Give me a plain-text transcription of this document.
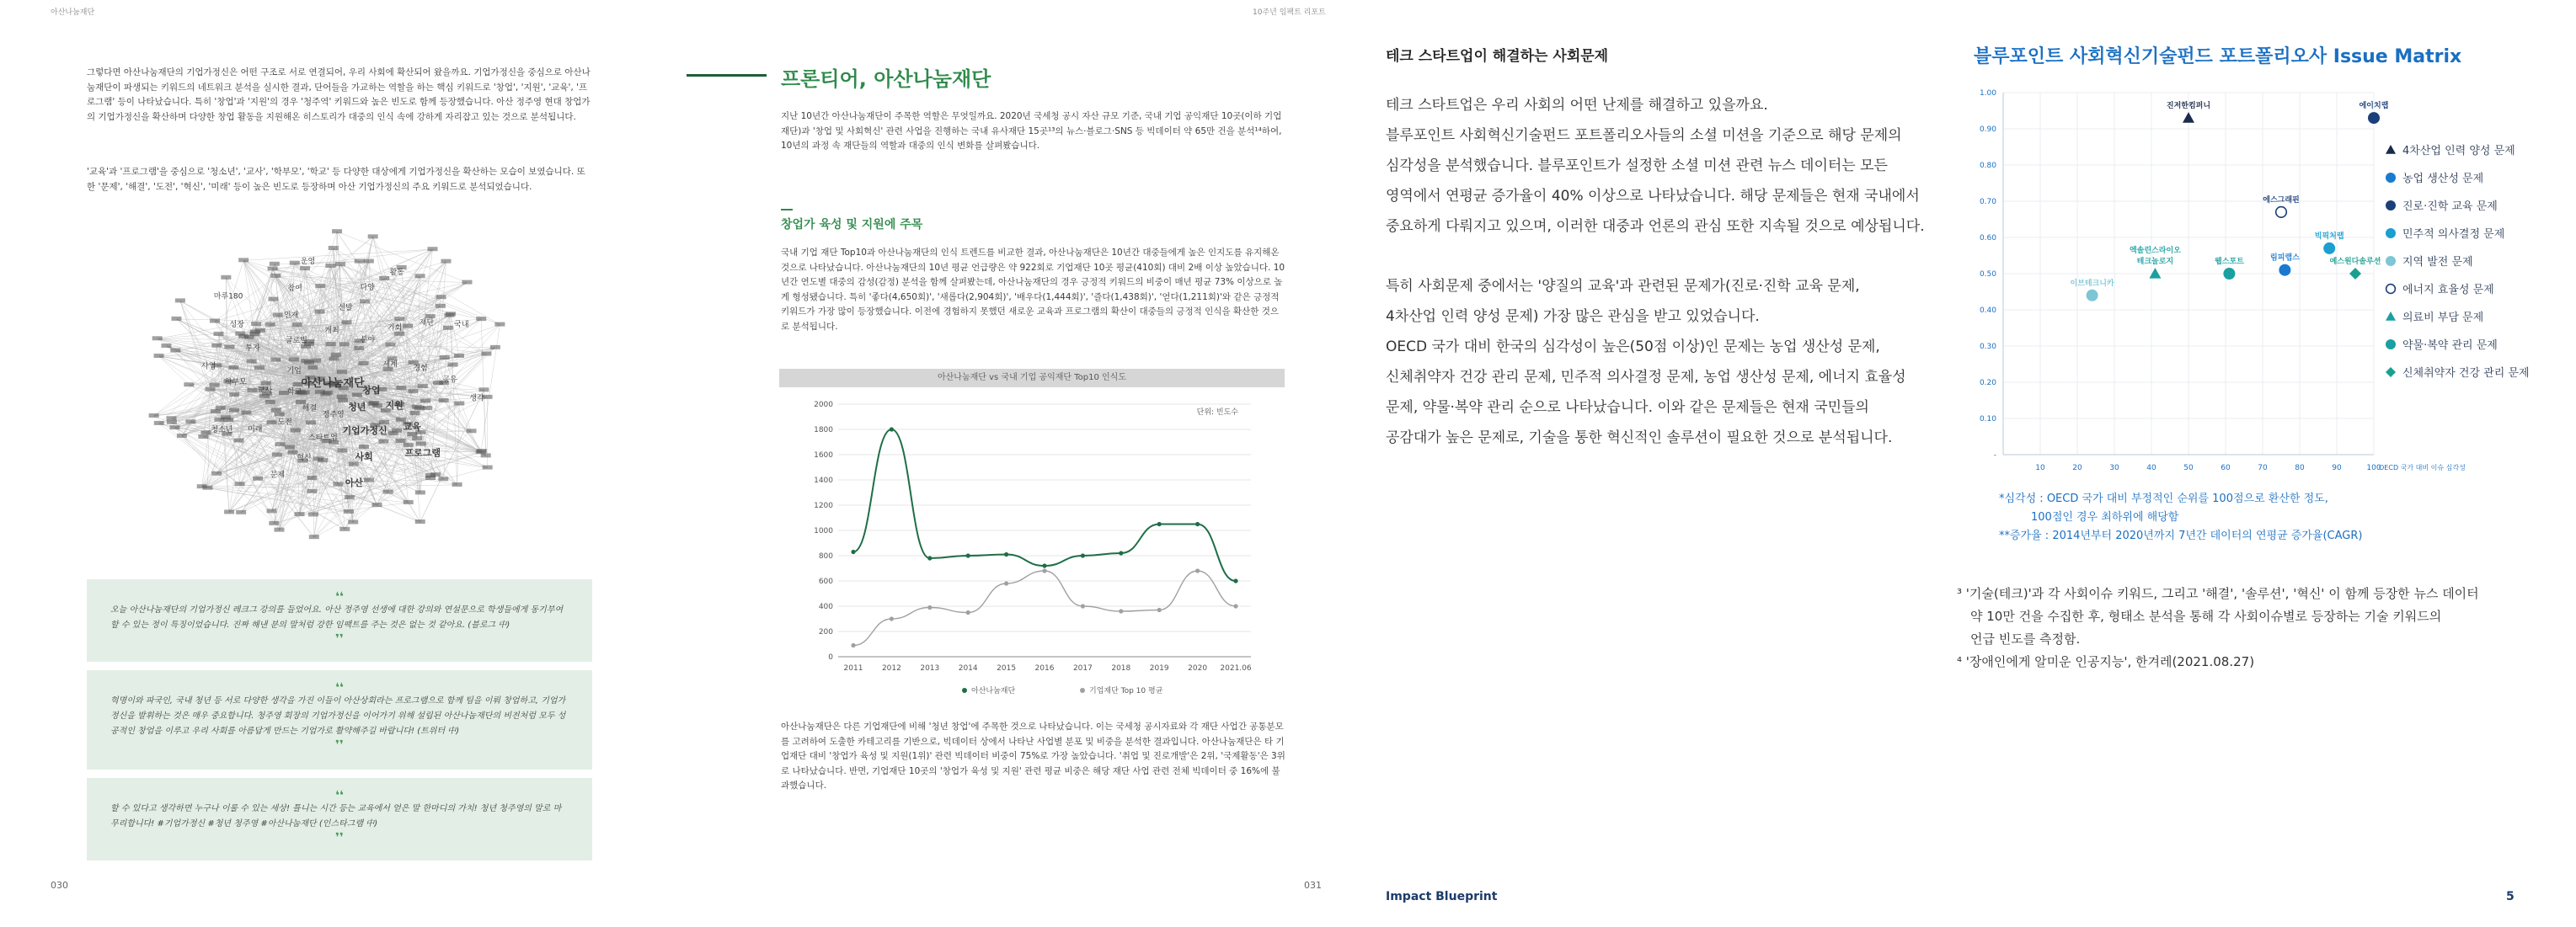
아산나눔재단

그렇다면 아산나눔재단의 기업가정신은 어떤 구조로 서로 연결되어, 우리 사회에 확산되어 왔을까요. 기업가정신을 중심으로 아산나눔재단이 파생되는 키워드의 네트워크 분석을 실시한 결과, 단어들을 가교하는 역할을 하는 핵심 키워드로 '창업', '지원', '교육', '프로그램' 등이 나타났습니다. 특히 '창업'과 '지원'의 경우 '청주역' 키워드와 높은 빈도로 함께 등장했습니다. 아산 정주영 현대 창업가의 기업가정신을 확산하며 다양한 창업 활동을 지원해온 히스토리가 대중의 인식 속에 강하게 자리잡고 있는 것으로 분석됩니다.

'교육'과 '프로그램'을 중심으로 '청소년', '교사', '학부모', '학교' 등 다양한 대상에게 기업가정신을 확산하는 모습이 보였습니다. 또한 '문제', '해결', '도전', '혁신', '미래' 등이 높은 빈도로 등장하며 아산 기업가정신의 주요 키워드로 분석되었습니다.

창업
지원
교육
프로그램
청년
기업가정신
사회
아산
정주영
스타트업
혁신
문제
해결
도전
미래
청소년
학교
교사
학부모
사업
기업
투자
성장
마루180
글로벌
인재
참여
운영
개최
선발
다양
활동
분야
기회
재단	국내
세계 경험
공유
생각
아산나눔재단
❛❛
오늘 아산나눔재단의 기업가정신 레크그 강의를 들었어요. 아산 정주영 선생에 대한 강의와 연설문으로 학생들에게 동기부여할 수 있는 정이 특징이었습니다. 진짜 해낸 분의 말처럼 강한 임팩트를 주는 것은 없는 것 같아요. (블로그 中)
❜❜
❛❛
혁명이와 파국인, 국내 청년 등 서로 다양한 생각을 가진 이들이 아산상회라는 프로그램으로 함께 팀을 이뤄 창업하고, 기업가정신을 발휘하는 것은 매우 중요합니다. 청주영 회장의 기업가정신을 이어가기 위해 설립된 아산나눔재단의 비전처럼 모두 성공적인 창업을 이루고 우리 사회를 아름답게 만드는 기업가로 활약해주길 바랍니다! (트위터 中)
❜❜
❛❛
할 수 있다고 생각하면 누구나 이룰 수 있는 세상! 틀니는 시간 등는 교육에서 얻은 말 한마디의 가치! 청년 청주영의 말로 마무리합니다! #기업가정신 #청년 청주영 #아산나눔재단 (인스타그램 中)
❜❜
030
10주년 임팩트 리포트
프론티어, 아산나눔재단

지난 10년간 아산나눔재단이 주목한 역할은 무엇일까요. 2020년 국세청 공시 자산 규모 기준, 국내 기업 공익재단 10곳(이하 기업재단)과 '창업 및 사회혁신' 관련 사업을 진행하는 국내 유사재단 15곳¹³의 뉴스·블로그·SNS 등 빅데이터 약 65만 건을 분석¹⁴하여, 10년의 과정 속 재단들의 역할과 대중의 인식 변화를 살펴봤습니다.

창업가 육성 및 지원에 주목

국내 기업 재단 Top10과 아산나눔재단의 인식 트렌드를 비교한 결과, 아산나눔재단은 10년간 대중들에게 높은 인지도를 유지해온 것으로 나타났습니다. 아산나눔재단의 10년 평균 언급량은 약 922회로 기업재단 10곳 평균(410회) 대비 2배 이상 높았습니다. 10년간 연도별 대중의 감성(감정) 분석을 함께 살펴봤는데, 아산나눔재단의 경우 긍정적 키워드의 비중이 매년 평균 73% 이상으로 높게 형성됐습니다. 특히 '좋다(4,650회)', '새롭다(2,904회)', '배우다(1,444회)', '즐다(1,438회)', '얻다(1,211회)'와 같은 긍정적 키워드가 가장 많이 등장했습니다. 이전에 경험하지 못했던 새로운 교육과 프로그램의 확산이 대중들의 긍정적 인식을 확산한 것으로 분석됩니다.

아산나눔재단은 다른 기업재단에 비해 '청년 창업'에 주목한 것으로 나타났습니다. 이는 국세청 공시자료와 각 재단 사업간 공통분모를 고려하여 도출한 카테고리를 기반으로, 빅데이터 상에서 나타난 사업별 분포 및 비중을 분석한 결과입니다. 아산나눔재단은 타 기업재단 대비 '창업가 육성 및 지원(1위)' 관련 빅데이터 비중이 75%로 가장 높았습니다. '취업 및 진로개발'은 2위, '국제활동'은 3위로 나타났습니다. 반면, 기업재단 10곳의 '창업가 육성 및 지원' 관련 평균 비중은 해당 재단 사업 관련 전체 빅데이터 중 16%에 불과했습니다.

031
아산나눔재단 vs 국내 기업 공익재단 Top10 인식도
단위: 빈도수
0
200
400
600
800
1000
1200
1400
1600
1800
2000
2011 2012 2013 2014 2015 2016 2017 2018 2019 2020 2021.06
아산나눔재단	기업재단 Top 10 평균
테크 스타트업이 해결하는 사회문제
테크 스타트업은 우리 사회의 어떤 난제를 해결하고 있을까요.
블루포인트 사회혁신기술펀드 포트폴리오사들의 소셜 미션을 기준으로 해당 문제의
심각성을 분석했습니다. 블루포인트가 설정한 소셜 미션 관련 뉴스 데이터는 모든
영역에서 연평균 증가율이 40% 이상으로 나타났습니다. 해당 문제들은 현재 국내에서
중요하게 다뤄지고 있으며, 이러한 대중과 언론의 관심 또한 지속될 것으로 예상됩니다.
특히 사회문제 중에서는 '양질의 교육'과 관련된 문제가(진로·진학 교육 문제,
4차산업 인력 양성 문제) 가장 많은 관심을 받고 있었습니다.
OECD 국가 대비 한국의 심각성이 높은(50점 이상)인 문제는 농업 생산성 문제,
신체취약자 건강 관리 문제, 민주적 의사결정 문제, 농업 생산성 문제, 에너지 효율성
문제, 약물·복약 관리 순으로 나타났습니다. 이와 같은 문제들은 현재 국민들의
공감대가 높은 문제로, 기술을 통한 혁신적인 솔루션이 필요한 것으로 분석됩니다.
블루포인트 사회혁신기술펀드 포트폴리오사 Issue Matrix
*심각성 : OECD 국가 대비 부정적인 순위를 100점으로 환산한 정도,
100점인 경우 최하위에 해당함
**증가율 : 2014년부터 2020년까지 7년간 데이터의 연평균 증가율(CAGR)
³ '기술(테크)'과 각 사회이슈 키워드, 그리고 '해결', '솔루션', '혁신' 이 함께 등장한 뉴스 데이터
약 10만 건을 수집한 후, 형태소 분석을 통해 각 사회이슈별로 등장하는 기술 키워드의
언급 빈도를 측정함.
⁴ '장애인에게 알미운 인공지능', 한겨레(2021.08.27)
Impact Blueprint	5
-
0.10
0.20
0.30
0.40
0.50
0.60
0.70
0.80
0.90
1.00
10	20	30	40	50	60	70	80	90	100
OECD 국가 대비 이슈 심각성
진저한컴퍼니	에이치랩
에스그래핀
엑솔린스라이오
테크놀로지
빅픽처랩
웹스포트	림피랩스
이브테크니카
예스원다솔루션
4차산업 인력 양성 문제
농업 생산성 문제
진로·진학 교육 문제
민주적 의사결정 문제
지역 발전 문제
에너지 효율성 문제
의료비 부담 문제
약물·복약 관리 문제
신체취약자 건강 관리 문제
